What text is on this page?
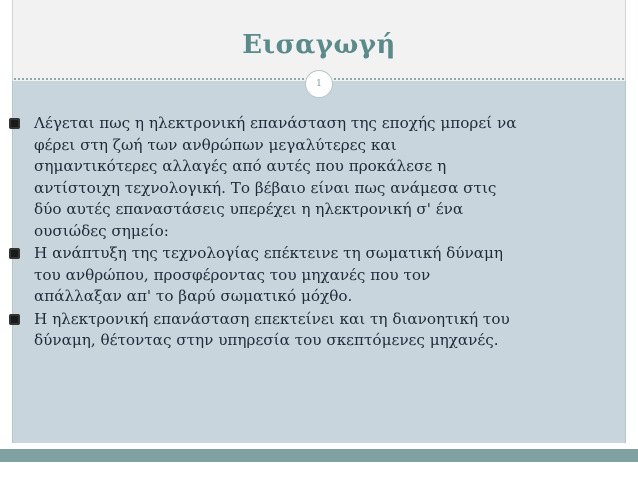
Εισαγωγή
1
Λέγεται πως η ηλεκτρονική επανάσταση της εποχής μπορεί να
φέρει στη ζωή των ανθρώπων μεγαλύτερες και
σημαντικότερες αλλαγές από αυτές που προκάλεσε η
αντίστοιχη τεχνολογική. Το βέβαιο είναι πως ανάμεσα στις
δύο αυτές επαναστάσεις υπερέχει η ηλεκτρονική σ' ένα
ουσιώδες σημείο:
Η ανάπτυξη της τεχνολογίας επέκτεινε τη σωματική δύναμη
του ανθρώπου, προσφέροντας του μηχανές που τον
απάλλαξαν απ' το βαρύ σωματικό μόχθο.
Η ηλεκτρονική επανάσταση επεκτείνει και τη διανοητική του
δύναμη, θέτοντας στην υπηρεσία του σκεπτόμενες μηχανές.
